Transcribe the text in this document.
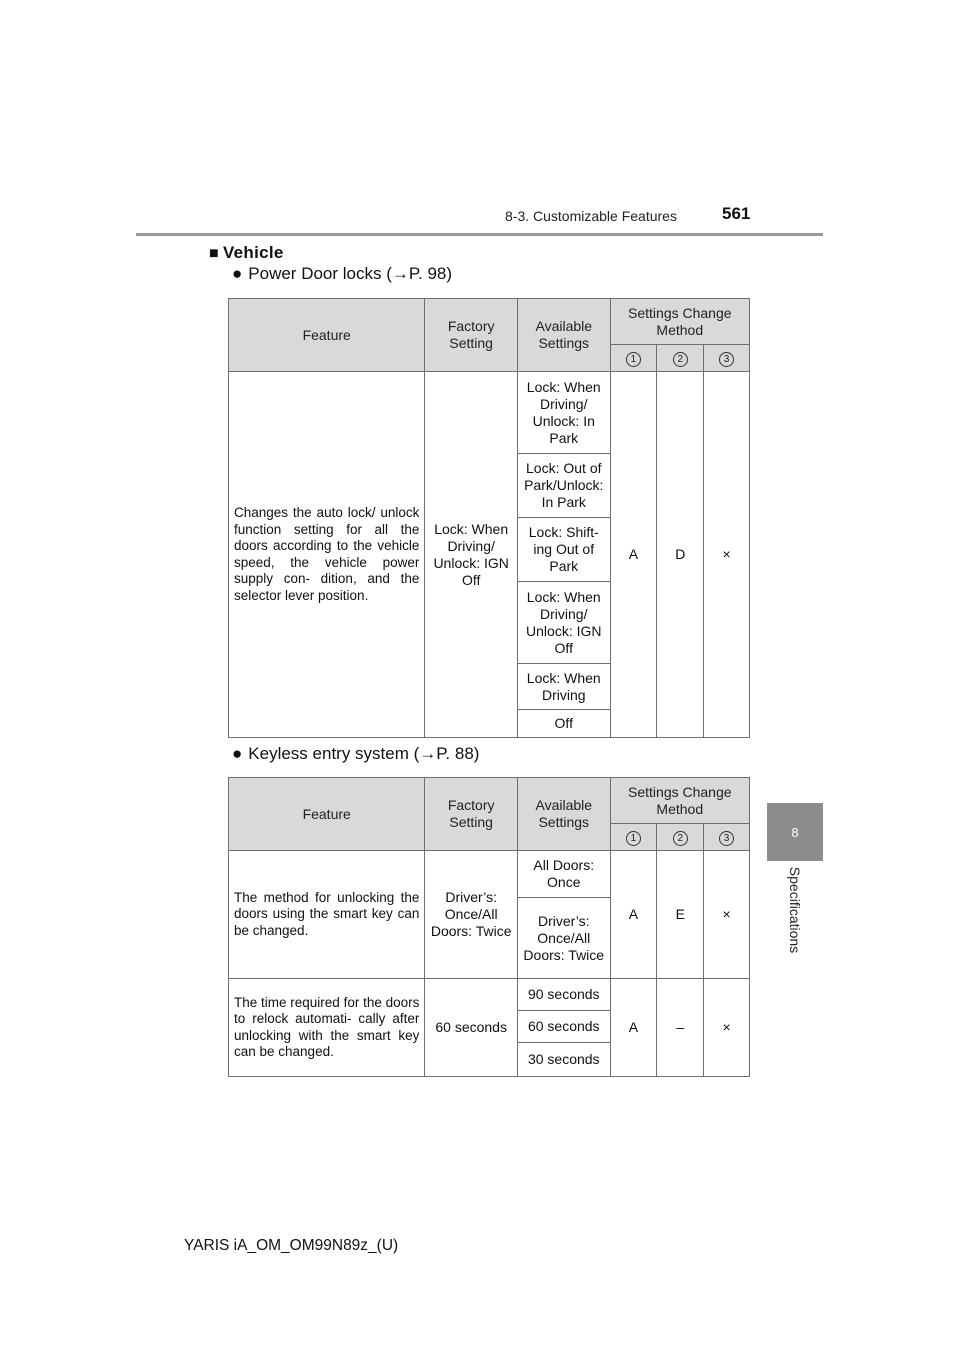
8-3. Customizable Features	561
8
Specifications
■ Vehicle
● Power Door locks (→P. 98)
Feature	Factory Setting	Available Settings	Settings Change Method		
			1	2	3
Changes the auto lock/ unlock function setting for all the doors according to the vehicle speed, the vehicle power supply con- dition, and the selector lever position.	Lock: When Driving/ Unlock: IGN Off	Lock: When Driving/ Unlock: In Park	A	D	×
		Lock: Out of Park/Unlock: In Park			
		Lock: Shift- ing Out of Park			
		Lock: When Driving/ Unlock: IGN Off			
		Lock: When Driving			
		Off			
● Keyless entry system (→P. 88)
Feature	Factory Setting	Available Settings	Settings Change Method		
			1	2	3
The method for unlocking the doors using the smart key can be changed.	Driver’s: Once/All Doors: Twice	All Doors: Once	A	E	×
		Driver’s: Once/All Doors: Twice			
The time required for the doors to relock automati- cally after unlocking with the smart key can be changed.	60 seconds	90 seconds	A	–	×
		60 seconds			
		30 seconds			
YARIS iA_OM_OM99N89z_(U)
